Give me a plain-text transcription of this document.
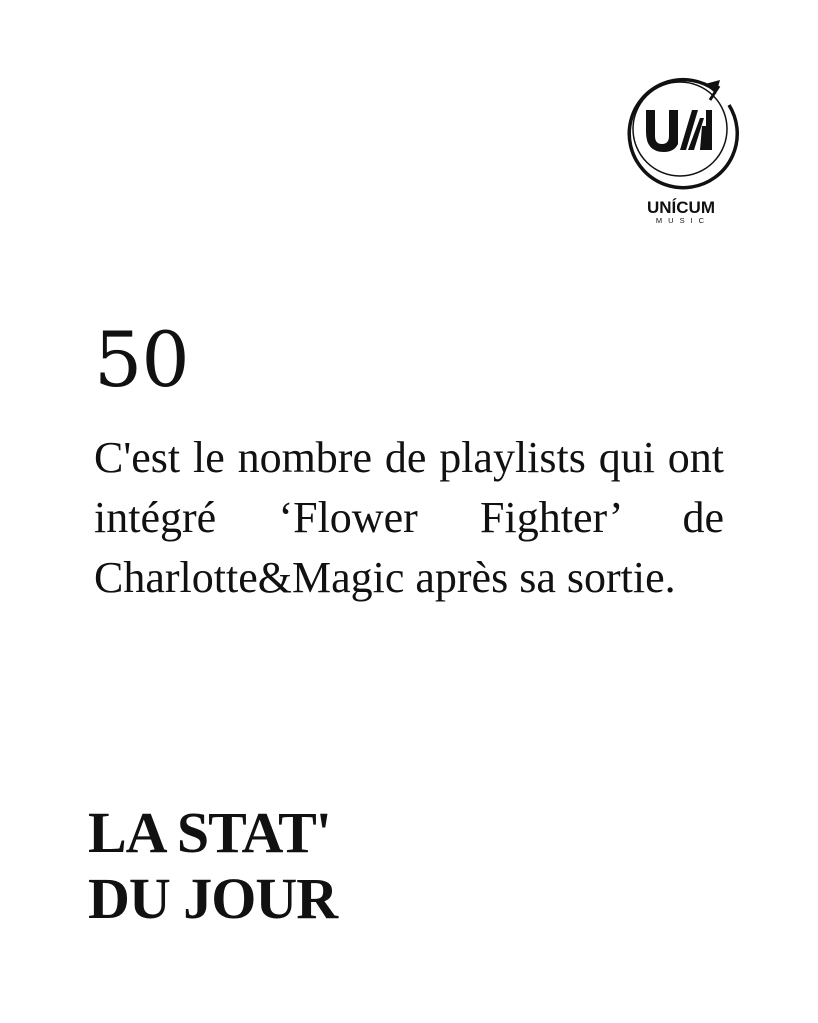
UNÍCUM
MUSIC
50

C'est le nombre de playlists qui ont intégré ‘Flower Fighter’ de Charlotte&Magic après sa sortie.

LA STAT'
DU JOUR
